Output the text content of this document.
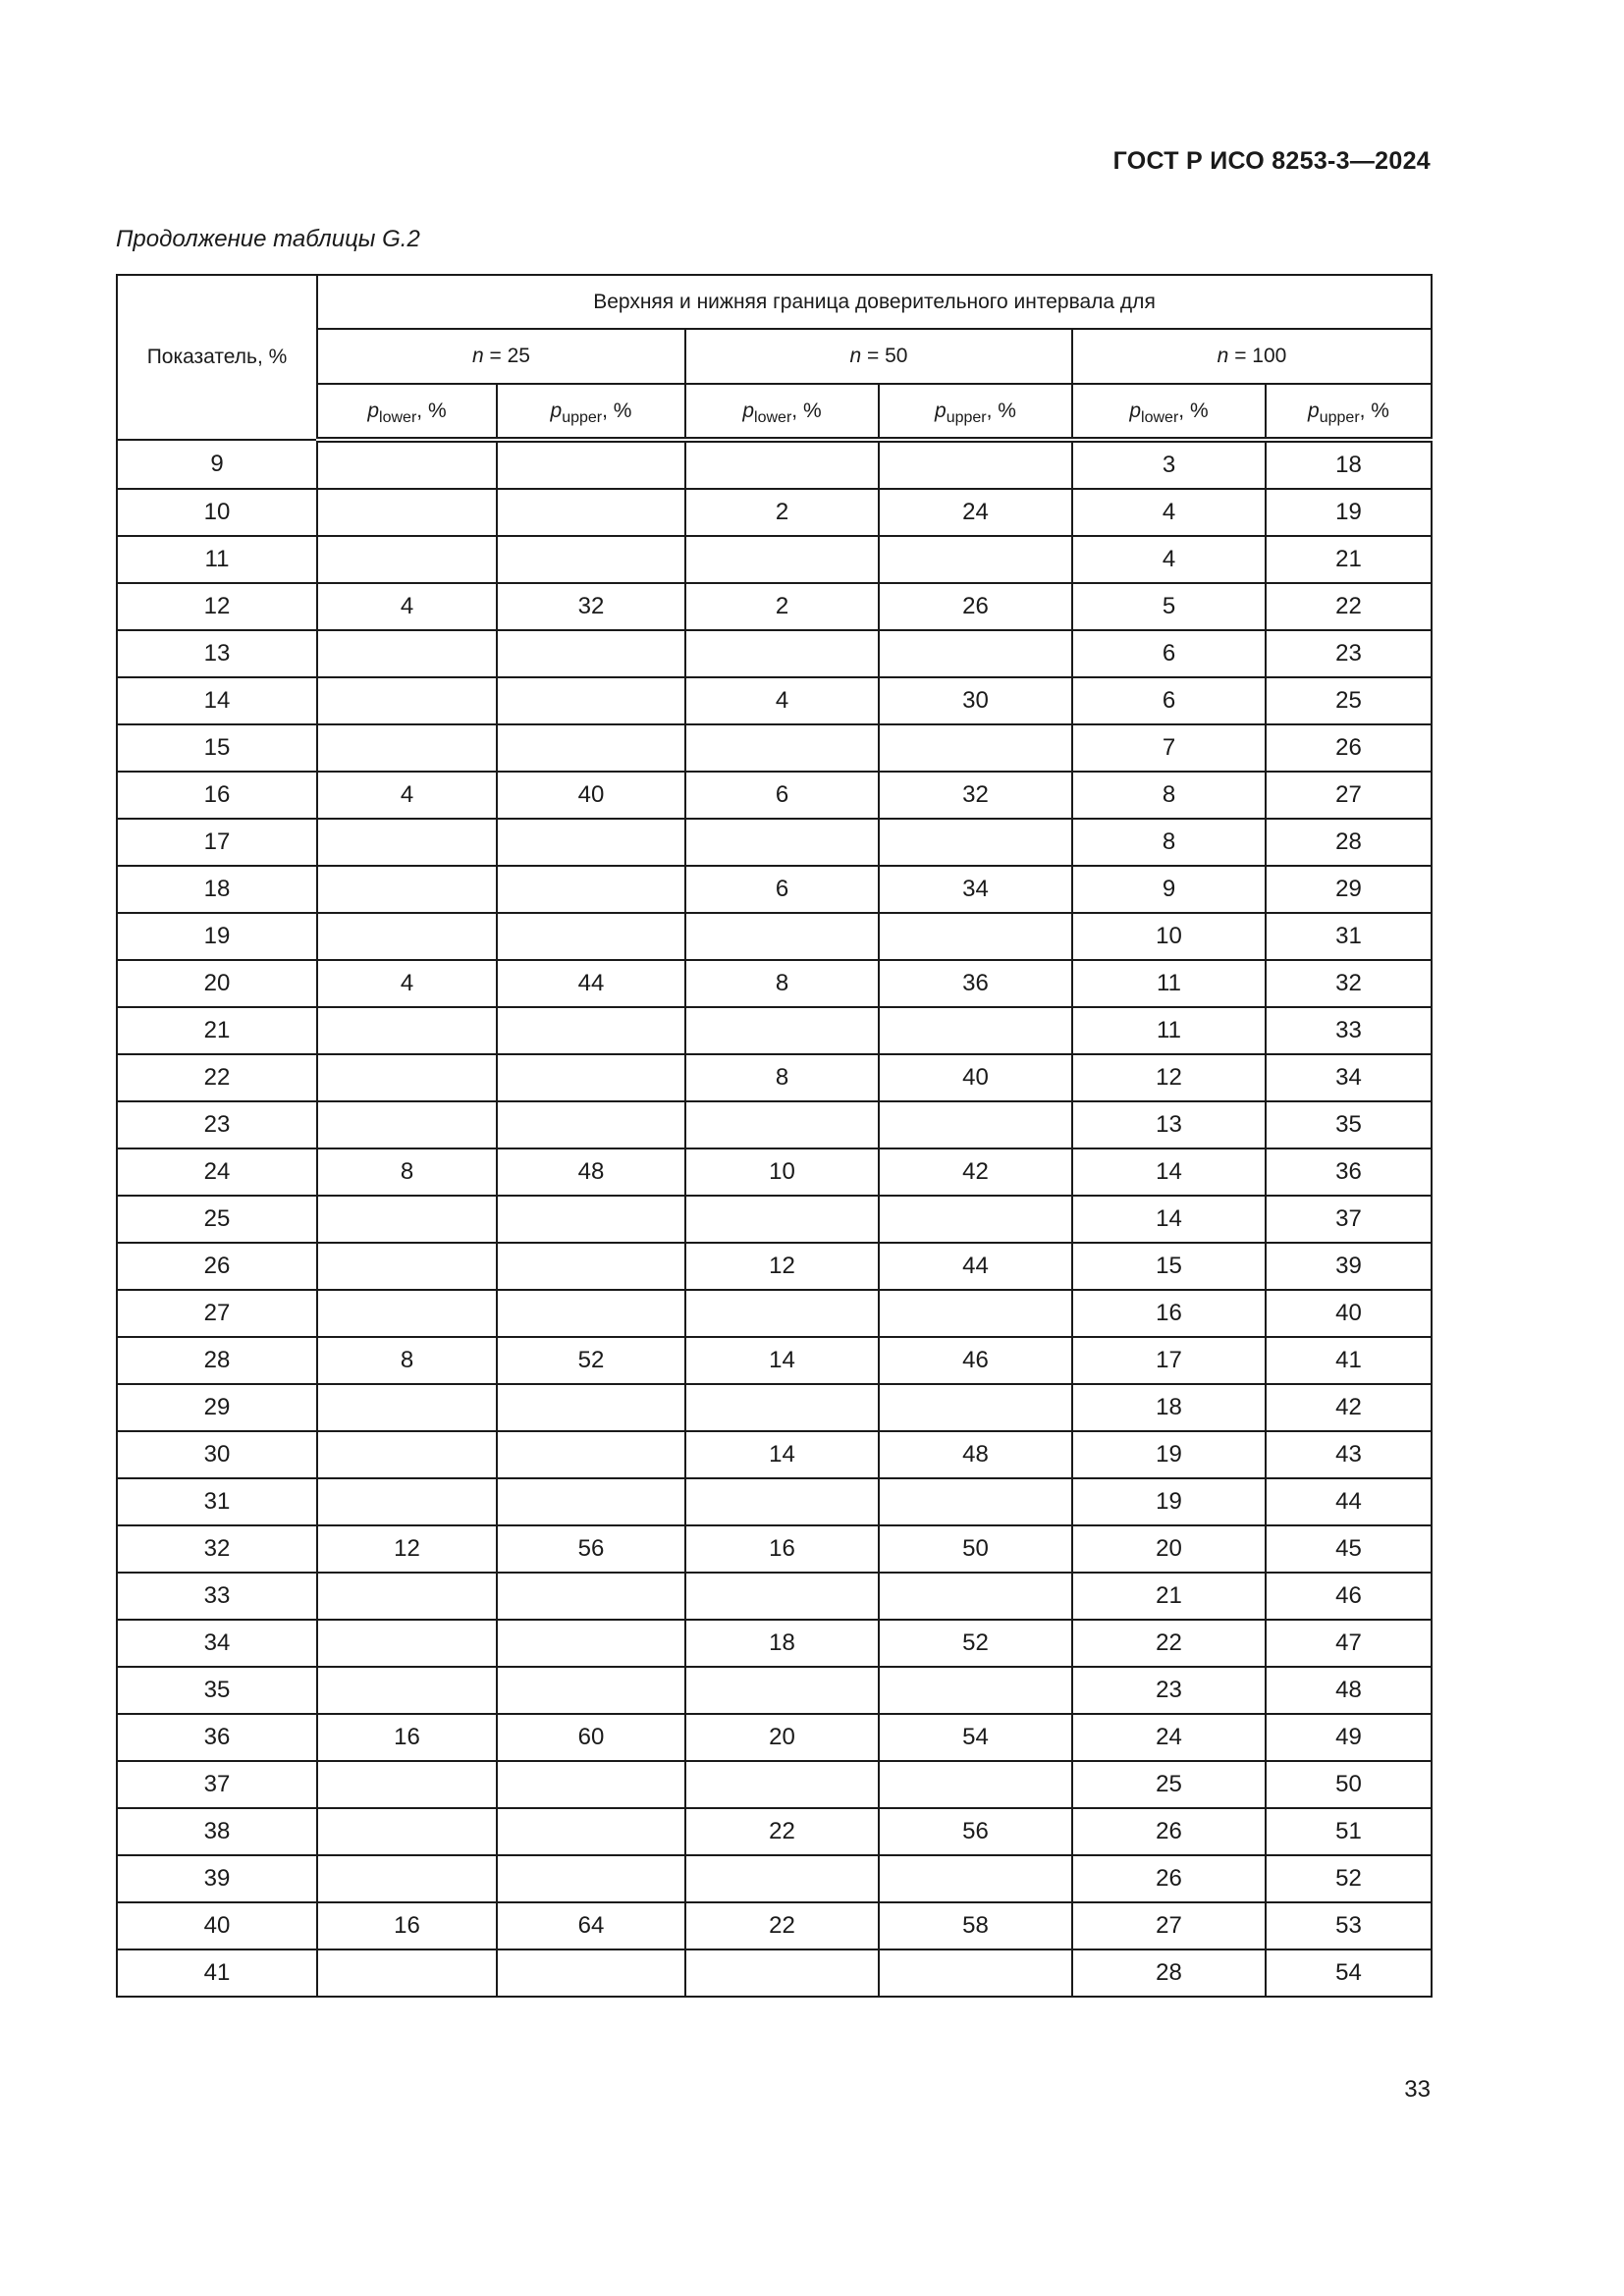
ГОСТ Р ИСО 8253-3—2024
Продолжение таблицы G.2
Показатель, %	Верхняя и нижняя граница доверительного интервала для					
	n = 25		n = 50		n = 100	
	$p_{lower}$, %	$p_{upper}$, %	$p_{lower}$, %	$p_{upper}$, %	$p_{lower}$, %	$p_{upper}$, %
9					3	18
10			2	24	4	19
11					4	21
12	4	32	2	26	5	22
13					6	23
14			4	30	6	25
15					7	26
16	4	40	6	32	8	27
17					8	28
18			6	34	9	29
19					10	31
20	4	44	8	36	11	32
21					11	33
22			8	40	12	34
23					13	35
24	8	48	10	42	14	36
25					14	37
26			12	44	15	39
27					16	40
28	8	52	14	46	17	41
29					18	42
30			14	48	19	43
31					19	44
32	12	56	16	50	20	45
33					21	46
34			18	52	22	47
35					23	48
36	16	60	20	54	24	49
37					25	50
38			22	56	26	51
39					26	52
40	16	64	22	58	27	53
41					28	54
33
